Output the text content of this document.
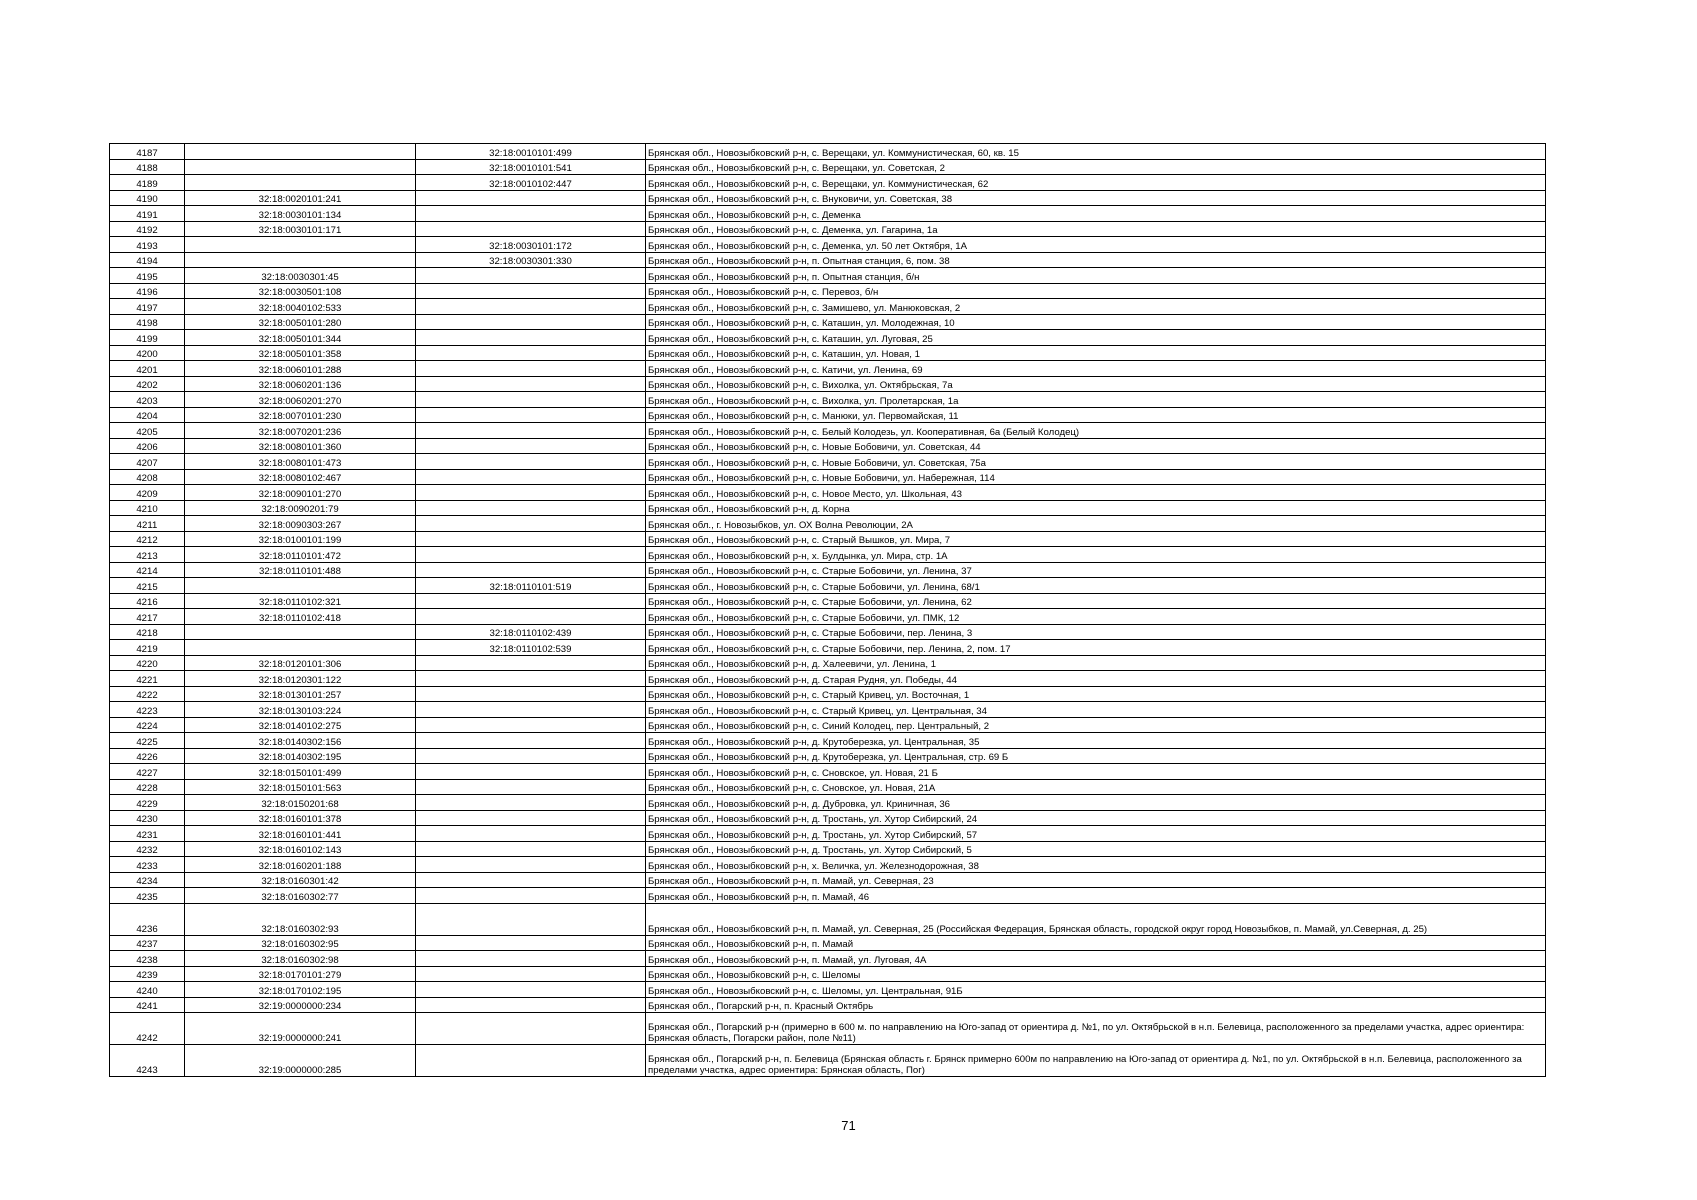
4187		32:18:0010101:499	Брянская обл., Новозыбковский р-н, с. Верещаки, ул. Коммунистическая, 60, кв. 15
4188		32:18:0010101:541	Брянская обл., Новозыбковский р-н, с. Верещаки, ул. Советская, 2
4189		32:18:0010102:447	Брянская обл., Новозыбковский р-н, с. Верещаки, ул. Коммунистическая, 62
4190	32:18:0020101:241		Брянская обл., Новозыбковский р-н, с. Внуковичи, ул. Советская, 38
4191	32:18:0030101:134		Брянская обл., Новозыбковский р-н, с. Деменка
4192	32:18:0030101:171		Брянская обл., Новозыбковский р-н, с. Деменка, ул. Гагарина, 1а
4193		32:18:0030101:172	Брянская обл., Новозыбковский р-н, с. Деменка, ул. 50 лет Октября, 1А
4194		32:18:0030301:330	Брянская обл., Новозыбковский р-н, п. Опытная станция, 6, пом. 38
4195	32:18:0030301:45		Брянская обл., Новозыбковский р-н, п. Опытная станция, б/н
4196	32:18:0030501:108		Брянская обл., Новозыбковский р-н, с. Перевоз, б/н
4197	32:18:0040102:533		Брянская обл., Новозыбковский р-н, с. Замишево, ул. Манюковская, 2
4198	32:18:0050101:280		Брянская обл., Новозыбковский р-н, с. Каташин, ул. Молодежная, 10
4199	32:18:0050101:344		Брянская обл., Новозыбковский р-н, с. Каташин, ул. Луговая, 25
4200	32:18:0050101:358		Брянская обл., Новозыбковский р-н, с. Каташин, ул. Новая, 1
4201	32:18:0060101:288		Брянская обл., Новозыбковский р-н, с. Катичи, ул. Ленина, 69
4202	32:18:0060201:136		Брянская обл., Новозыбковский р-н, с. Вихолка, ул. Октябрьская, 7а
4203	32:18:0060201:270		Брянская обл., Новозыбковский р-н, с. Вихолка, ул. Пролетарская, 1а
4204	32:18:0070101:230		Брянская обл., Новозыбковский р-н, с. Манюки, ул. Первомайская, 11
4205	32:18:0070201:236		Брянская обл., Новозыбковский р-н, с. Белый Колодезь, ул. Кооперативная, 6а (Белый Колодец)
4206	32:18:0080101:360		Брянская обл., Новозыбковский р-н, с. Новые Бобовичи, ул. Советская, 44
4207	32:18:0080101:473		Брянская обл., Новозыбковский р-н, с. Новые Бобовичи, ул. Советская, 75а
4208	32:18:0080102:467		Брянская обл., Новозыбковский р-н, с. Новые Бобовичи, ул. Набережная, 114
4209	32:18:0090101:270		Брянская обл., Новозыбковский р-н, с. Новое Место, ул. Школьная, 43
4210	32:18:0090201:79		Брянская обл., Новозыбковский р-н, д. Корна
4211	32:18:0090303:267		Брянская обл., г. Новозыбков, ул. ОХ Волна Революции, 2А
4212	32:18:0100101:199		Брянская обл., Новозыбковский р-н, с. Старый Вышков, ул. Мира, 7
4213	32:18:0110101:472		Брянская обл., Новозыбковский р-н, х. Булдынка, ул. Мира, стр. 1А
4214	32:18:0110101:488		Брянская обл., Новозыбковский р-н, с. Старые Бобовичи, ул. Ленина, 37
4215		32:18:0110101:519	Брянская обл., Новозыбковский р-н, с. Старые Бобовичи, ул. Ленина, 68/1
4216	32:18:0110102:321		Брянская обл., Новозыбковский р-н, с. Старые Бобовичи, ул. Ленина, 62
4217	32:18:0110102:418		Брянская обл., Новозыбковский р-н, с. Старые Бобовичи, ул. ПМК, 12
4218		32:18:0110102:439	Брянская обл., Новозыбковский р-н, с. Старые Бобовичи, пер. Ленина, 3
4219		32:18:0110102:539	Брянская обл., Новозыбковский р-н, с. Старые Бобовичи, пер. Ленина, 2, пом. 17
4220	32:18:0120101:306		Брянская обл., Новозыбковский р-н, д. Халеевичи, ул. Ленина, 1
4221	32:18:0120301:122		Брянская обл., Новозыбковский р-н, д. Старая Рудня, ул. Победы, 44
4222	32:18:0130101:257		Брянская обл., Новозыбковский р-н, с. Старый Кривец, ул. Восточная, 1
4223	32:18:0130103:224		Брянская обл., Новозыбковский р-н, с. Старый Кривец, ул. Центральная, 34
4224	32:18:0140102:275		Брянская обл., Новозыбковский р-н, с. Синий Колодец, пер. Центральный, 2
4225	32:18:0140302:156		Брянская обл., Новозыбковский р-н, д. Крутоберезка, ул. Центральная, 35
4226	32:18:0140302:195		Брянская обл., Новозыбковский р-н, д. Крутоберезка, ул. Центральная, стр. 69 Б
4227	32:18:0150101:499		Брянская обл., Новозыбковский р-н, с. Сновское, ул. Новая, 21 Б
4228	32:18:0150101:563		Брянская обл., Новозыбковский р-н, с. Сновское, ул. Новая, 21А
4229	32:18:0150201:68		Брянская обл., Новозыбковский р-н, д. Дубровка, ул. Криничная, 36
4230	32:18:0160101:378		Брянская обл., Новозыбковский р-н, д. Тростань, ул. Хутор Сибирский, 24
4231	32:18:0160101:441		Брянская обл., Новозыбковский р-н, д. Тростань, ул. Хутор Сибирский, 57
4232	32:18:0160102:143		Брянская обл., Новозыбковский р-н, д. Тростань, ул. Хутор Сибирский, 5
4233	32:18:0160201:188		Брянская обл., Новозыбковский р-н, х. Величка, ул. Железнодорожная, 38
4234	32:18:0160301:42		Брянская обл., Новозыбковский р-н, п. Мамай, ул. Северная, 23
4235	32:18:0160302:77		Брянская обл., Новозыбковский р-н, п. Мамай, 46
4236	32:18:0160302:93		Брянская обл., Новозыбковский р-н, п. Мамай, ул. Северная, 25 (Российская Федерация, Брянская область, городской округ город Новозыбков, п. Мамай, ул.Северная, д. 25)
4237	32:18:0160302:95		Брянская обл., Новозыбковский р-н, п. Мамай
4238	32:18:0160302:98		Брянская обл., Новозыбковский р-н, п. Мамай, ул. Луговая, 4А
4239	32:18:0170101:279		Брянская обл., Новозыбковский р-н, с. Шеломы
4240	32:18:0170102:195		Брянская обл., Новозыбковский р-н, с. Шеломы, ул. Центральная, 91Б
4241	32:19:0000000:234		Брянская обл., Погарский р-н, п. Красный Октябрь
4242	32:19:0000000:241		Брянская обл., Погарский р-н (примерно в 600 м. по направлению на Юго-запад от ориентира д. №1, по ул. Октябрьской в н.п. Белевица, расположенного за пределами участка, адрес ориентира: Брянская область, Погарски район, поле №11)
4243	32:19:0000000:285		Брянская обл., Погарский р-н, п. Белевица (Брянская область г. Брянск примерно 600м по направлению на Юго-запад от ориентира д. №1, по ул. Октябрьской в н.п. Белевица, расположенного за пределами участка, адрес ориентира: Брянская область, Пог)
71
